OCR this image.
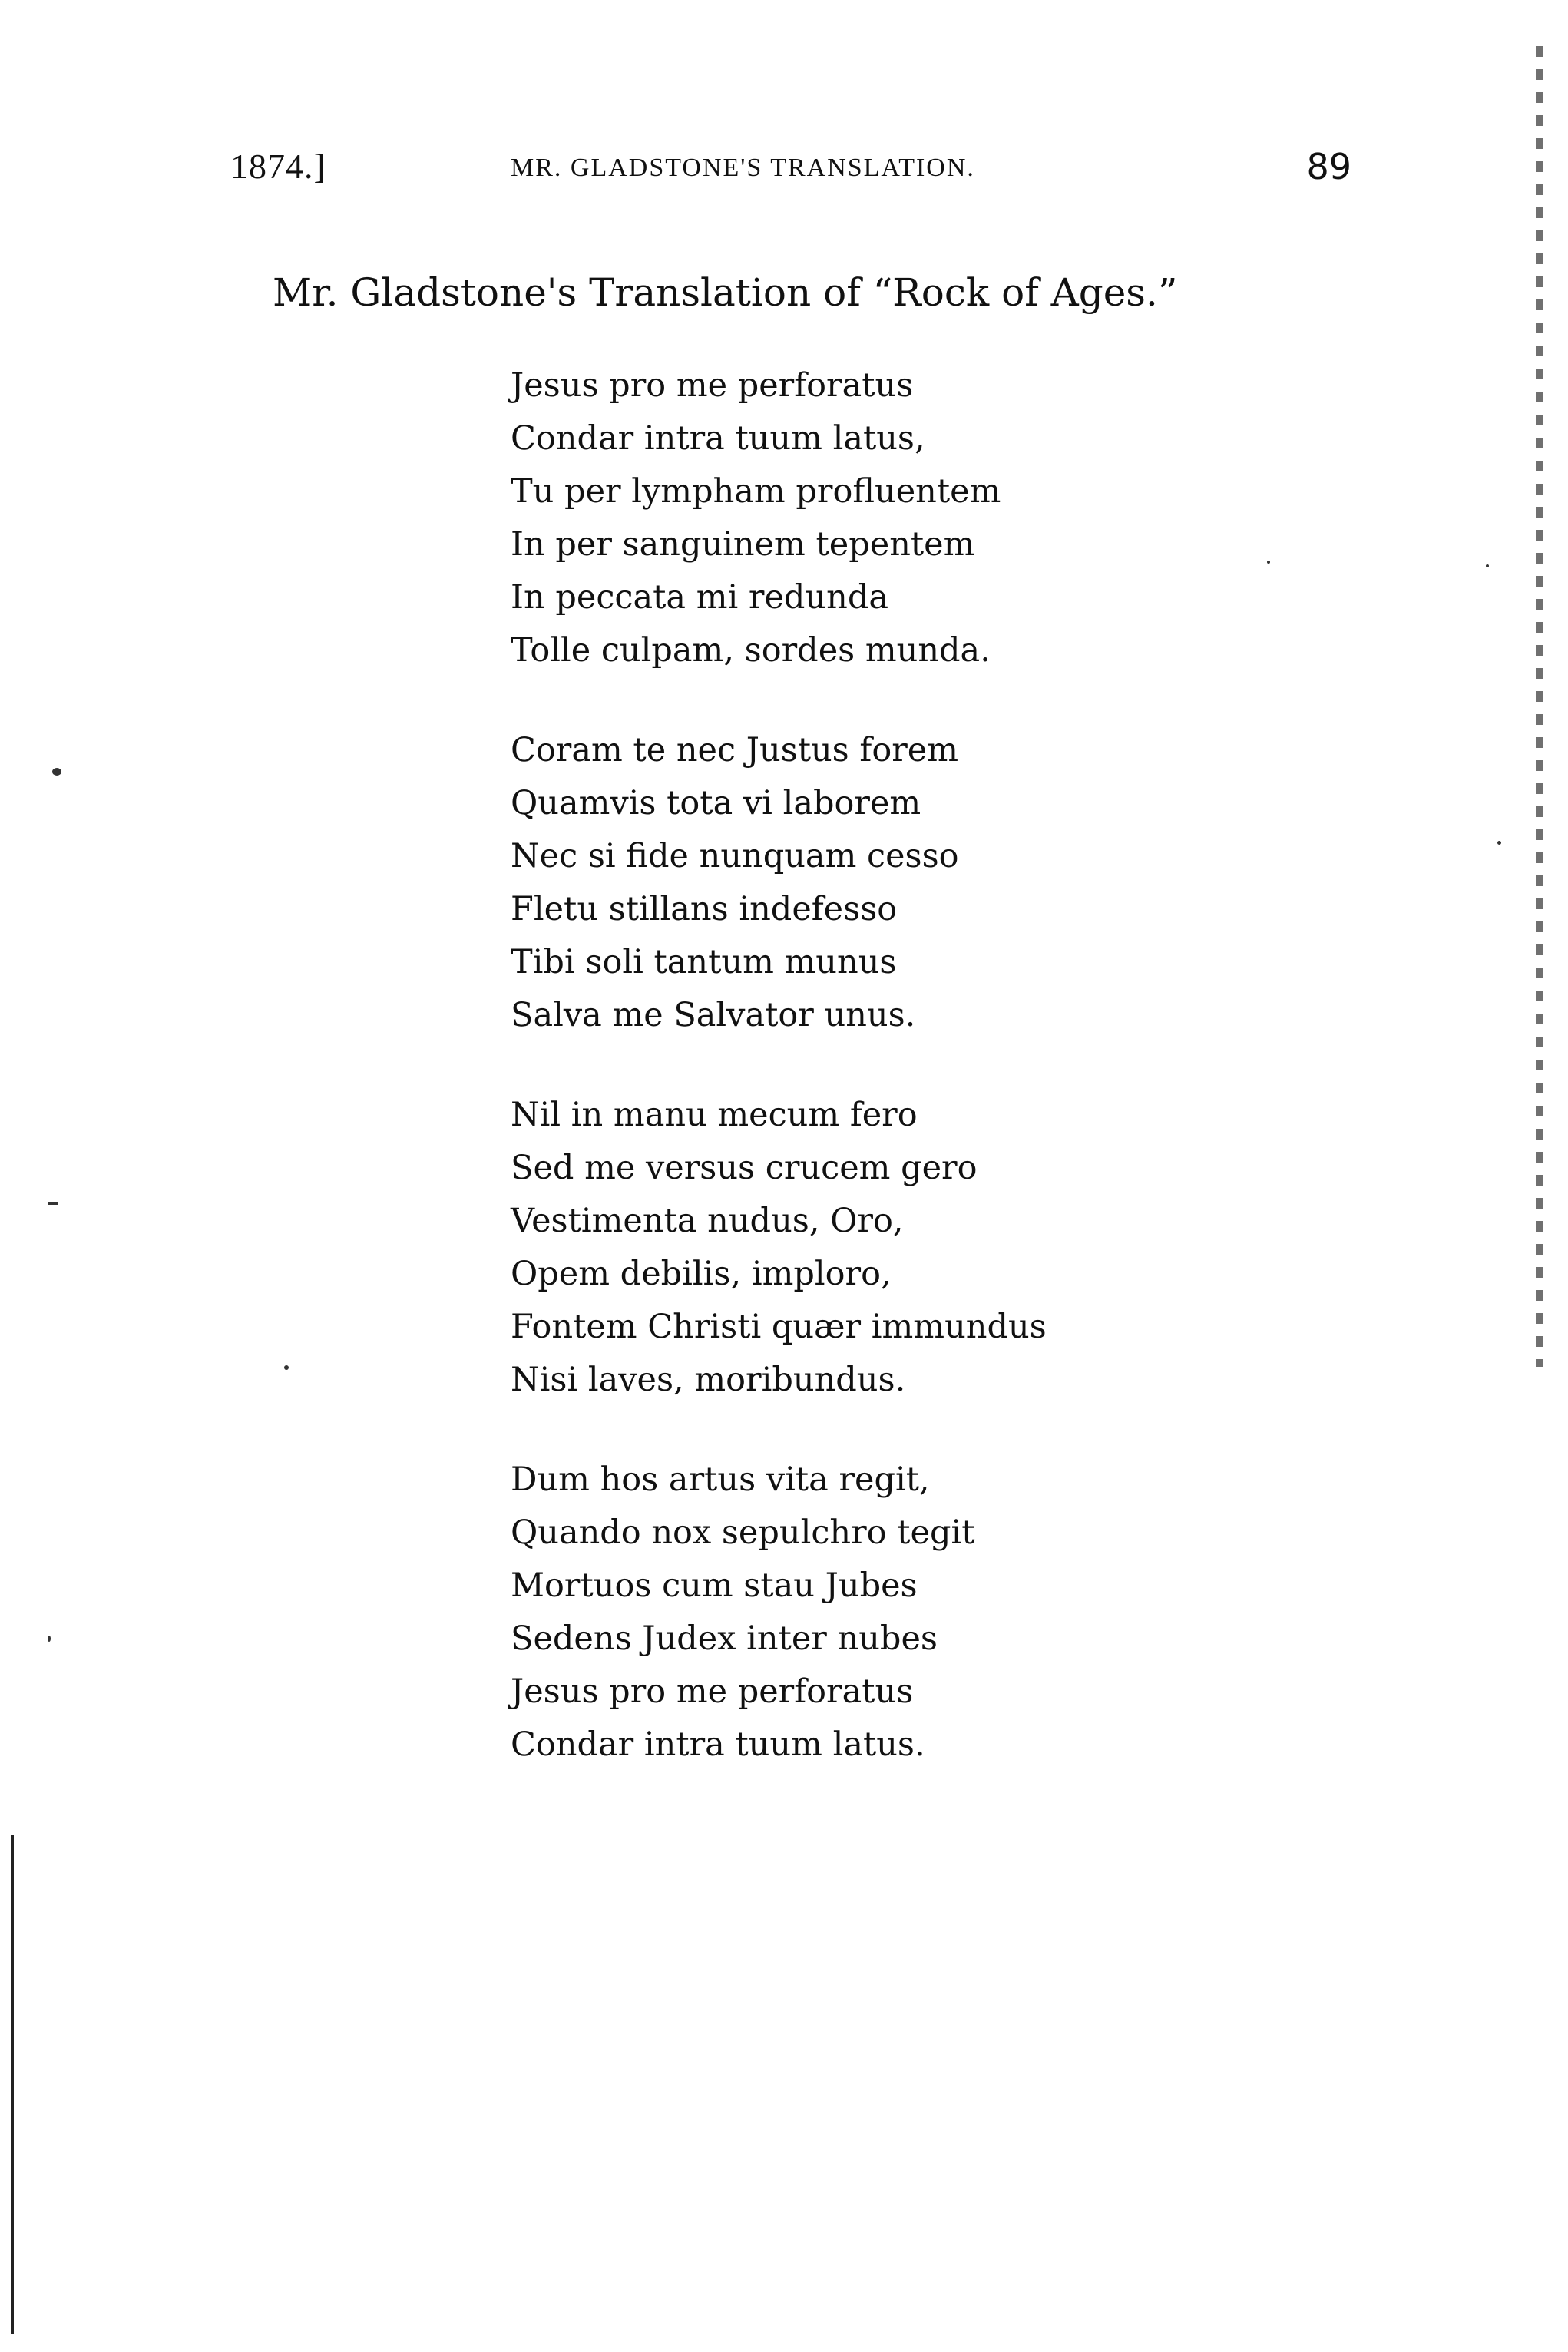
1874.]	MR. GLADSTONE'S TRANSLATION.	89
Mr. Gladstone's Translation of “Rock of Ages.”
Jesus pro me perforatus
Condar intra tuum latus,
Tu per lympham profluentem
In per sanguinem tepentem
In peccata mi redunda
Tolle culpam, sordes munda.
Coram te nec Justus forem
Quamvis tota vi laborem
Nec si fide nunquam cesso
Fletu stillans indefesso
Tibi soli tantum munus
Salva me Salvator unus.
Nil in manu mecum fero
Sed me versus crucem gero
Vestimenta nudus, Oro,
Opem debilis, imploro,
Fontem Christi quær immundus
Nisi laves, moribundus.
Dum hos artus vita regit,
Quando nox sepulchro tegit
Mortuos cum stau Jubes
Sedens Judex inter nubes
Jesus pro me perforatus
Condar intra tuum latus.
